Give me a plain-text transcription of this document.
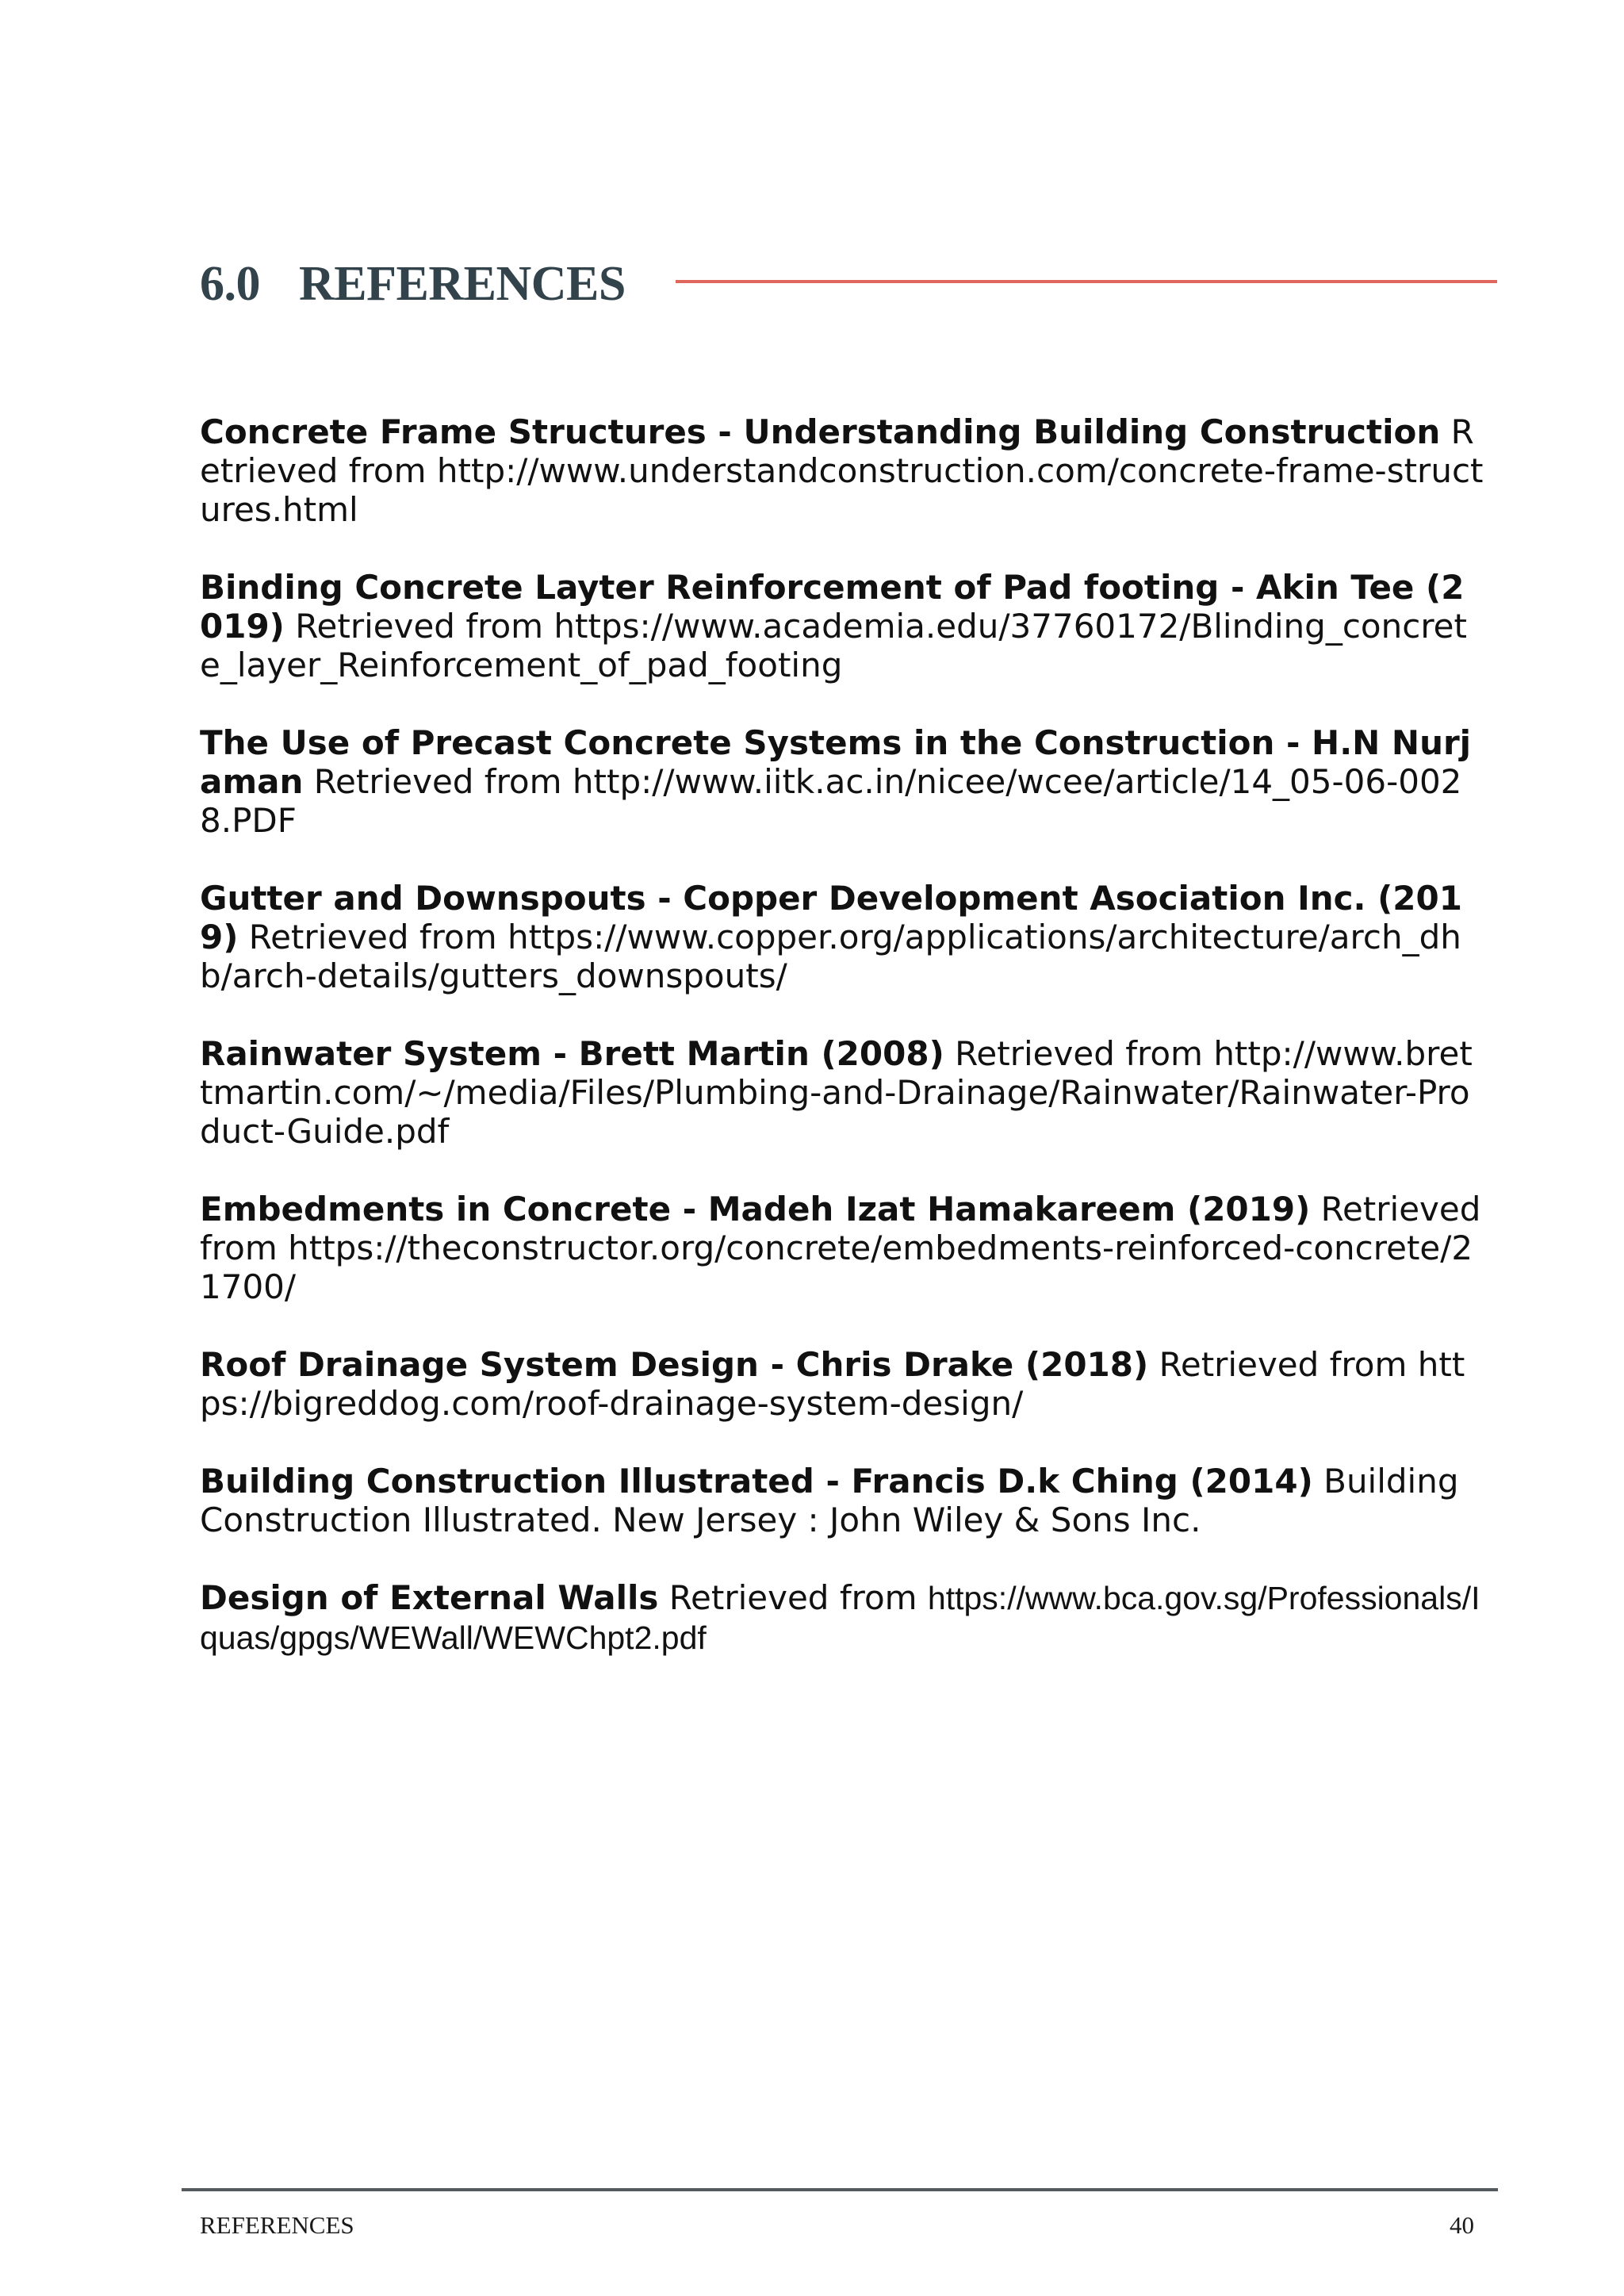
6.0 REFERENCES
Concrete Frame Structures - Understanding Building Construction Retrieved from http://www.understandconstruction.com/concrete-frame-structures.html
Binding Concrete Layter Reinforcement of Pad footing - Akin Tee (2019) Retrieved from https://www.academia.edu/37760172/Blinding_concrete_layer_Reinforcement_of_pad_footing
The Use of Precast Concrete Systems in the Construction - H.N Nurjaman Retrieved from http://www.iitk.ac.in/nicee/wcee/article/14_05-06-0028.PDF
Gutter and Downspouts - Copper Development Asociation Inc. (2019) Retrieved from https://www.copper.org/applications/architecture/arch_dhb/arch-details/gutters_downspouts/
Rainwater System - Brett Martin (2008) Retrieved from http://www.brettmartin.com/~/media/Files/Plumbing-and-Drainage/Rainwater/Rainwater-Product-Guide.pdf
Embedments in Concrete - Madeh Izat Hamakareem (2019) Retrieved from https://theconstructor.org/concrete/embedments-reinforced-concrete/21700/
Roof Drainage System Design - Chris Drake (2018) Retrieved from https://bigreddog.com/roof-drainage-system-design/
Building Construction Illustrated - Francis D.k Ching (2014) Building Construction Illustrated. New Jersey : John Wiley & Sons Inc.
Design of External Walls Retrieved from https://www.bca.gov.sg/Professionals/Iquas/gpgs/WEWall/WEWChpt2.pdf
REFERENCES	40
